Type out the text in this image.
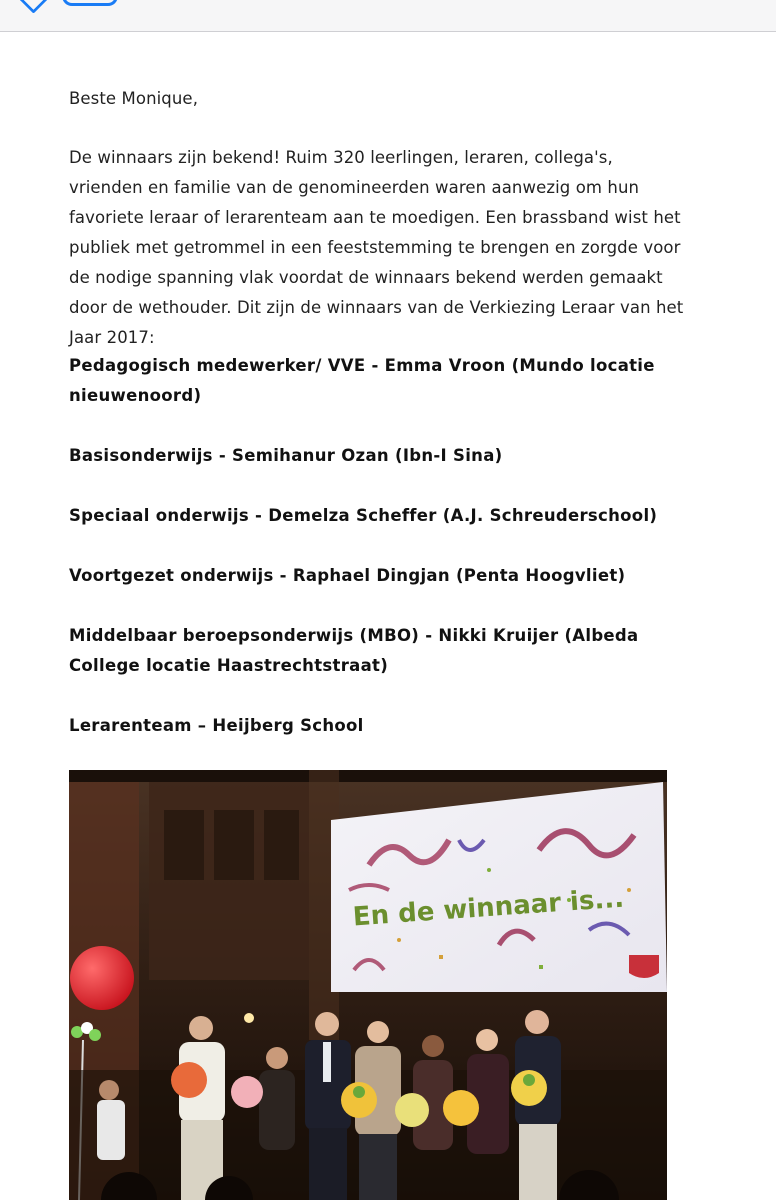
Beste Monique,

De winnaars zijn bekend! Ruim 320 leerlingen, leraren, collega's, vrienden en familie van de genomineerden waren aanwezig om hun favoriete leraar of lerarenteam aan te moedigen. Een brassband wist het publiek met getrommel in een feeststemming te brengen en zorgde voor de nodige spanning vlak voordat de winnaars bekend werden gemaakt door de wethouder. Dit zijn de winnaars van de Verkiezing Leraar van het Jaar 2017:

Pedagogisch medewerker/ VVE - Emma Vroon (Mundo locatie nieuwenoord)

Basisonderwijs - Semihanur Ozan (Ibn-I Sina)

Speciaal onderwijs - Demelza Scheffer (A.J. Schreuderschool)

Voortgezet onderwijs - Raphael Dingjan (Penta Hoogvliet)

Middelbaar beroepsonderwijs (MBO) - Nikki Kruijer (Albeda College locatie Haastrechtstraat)

Lerarenteam – Heijberg School

En de winnaar is...
